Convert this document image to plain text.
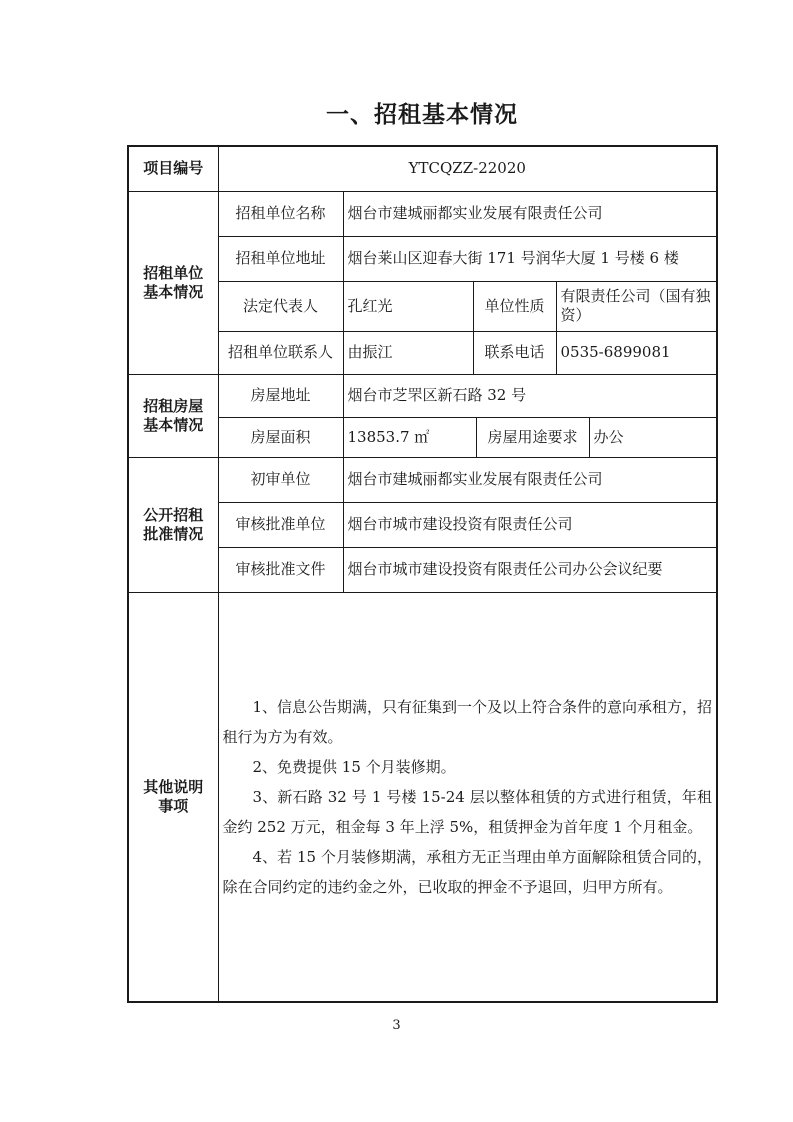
一、招租基本情况
项目编号	YTCQZZ-22020					
招租单位基本情况	招租单位名称	烟台市建城丽都实业发展有限责任公司				
	招租单位地址	烟台莱山区迎春大街 171 号润华大厦 1 号楼 6 楼				
	法定代表人	孔红光	单位性质		有限责任公司（国有独资）	
	招租单位联系人	由振江	联系电话		0535-6899081	
招租房屋基本情况	房屋地址	烟台市芝罘区新石路 32 号				
	房屋面积	13853.7 ㎡		房屋用途要求		办公
公开招租批准情况	初审单位	烟台市建城丽都实业发展有限责任公司				
	审核批准单位	烟台市城市建设投资有限责任公司				
	审核批准文件	烟台市城市建设投资有限责任公司办公会议纪要				
其他说明事项	1、信息公告期满，只有征集到一个及以上符合条件的意向承租方，招租行为方为有效。

2、免费提供 15 个月装修期。

3、新石路 32 号 1 号楼 15-24 层以整体租赁的方式进行租赁，年租金约 252 万元，租金每 3 年上浮 5%，租赁押金为首年度 1 个月租金。

4、若 15 个月装修期满，承租方无正当理由单方面解除租赁合同的，除在合同约定的违约金之外，已收取的押金不予退回，归甲方所有。					

3
